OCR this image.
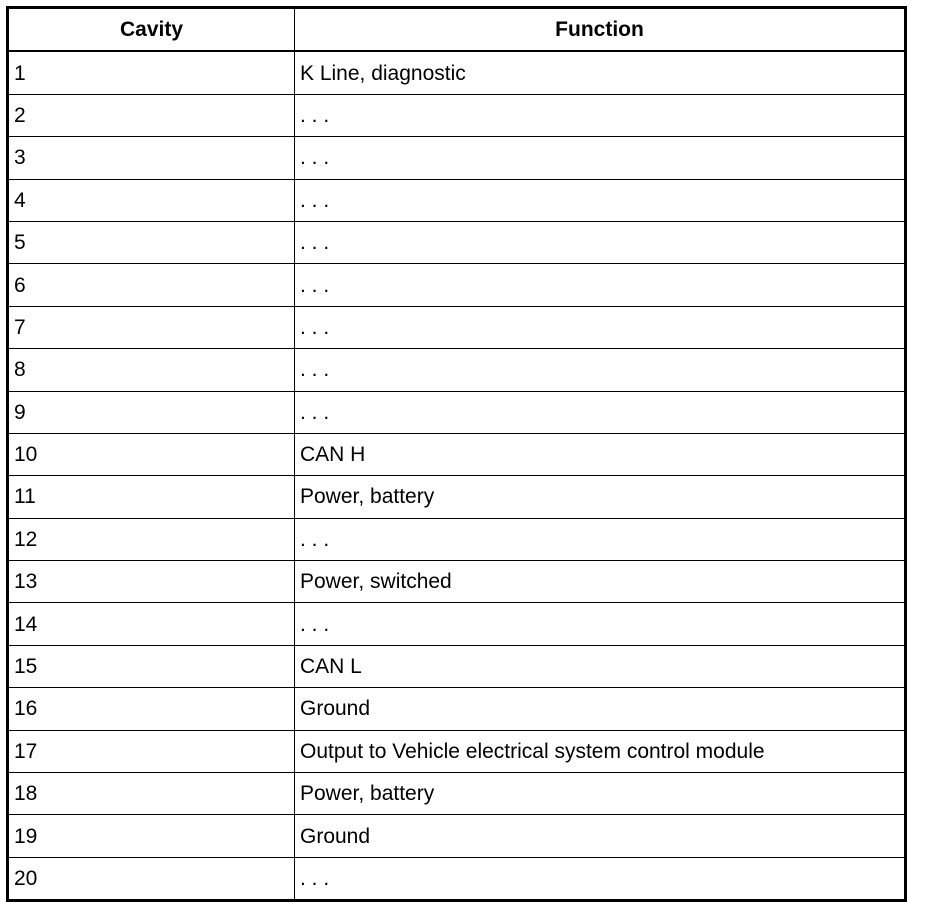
Cavity	Function
1	K Line, diagnostic
2	. . .
3	. . .
4	. . .
5	. . .
6	. . .
7	. . .
8	. . .
9	. . .
10	CAN H
11	Power, battery
12	. . .
13	Power, switched
14	. . .
15	CAN L
16	Ground
17	Output to Vehicle electrical system control module
18	Power, battery
19	Ground
20	. . .
